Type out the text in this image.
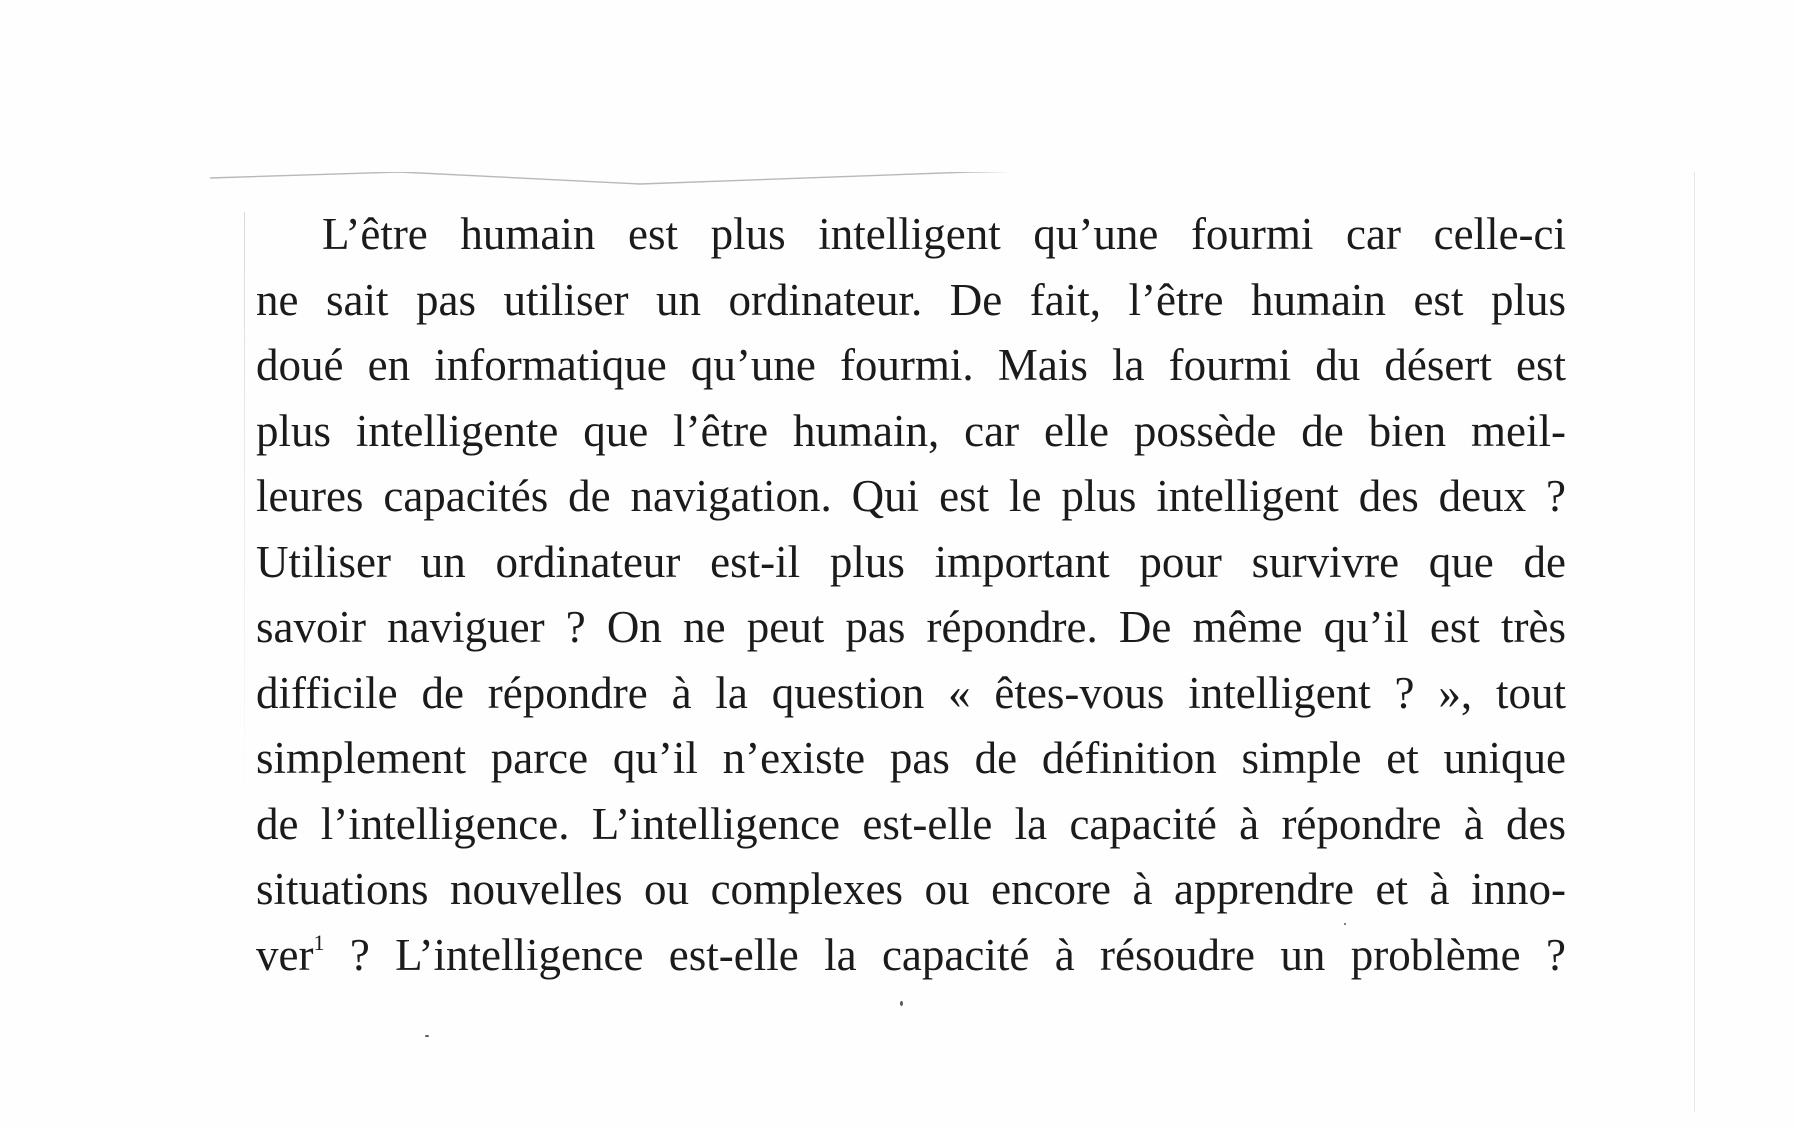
L’être humain est plus intelligent qu’une fourmi car celle-ci
ne sait pas utiliser un ordinateur. De fait, l’être humain est plus
doué en informatique qu’une fourmi. Mais la fourmi du désert est
plus intelligente que l’être humain, car elle possède de bien meil-
leures capacités de navigation. Qui est le plus intelligent des deux ?
Utiliser un ordinateur est-il plus important pour survivre que de
savoir naviguer ? On ne peut pas répondre. De même qu’il est très
difficile de répondre à la question « êtes-vous intelligent ? », tout
simplement parce qu’il n’existe pas de définition simple et unique
de l’intelligence. L’intelligence est-elle la capacité à répondre à des
situations nouvelles ou complexes ou encore à apprendre et à inno-
ver$^1$ ? L’intelligence est-elle la capacité à résoudre un problème ?
